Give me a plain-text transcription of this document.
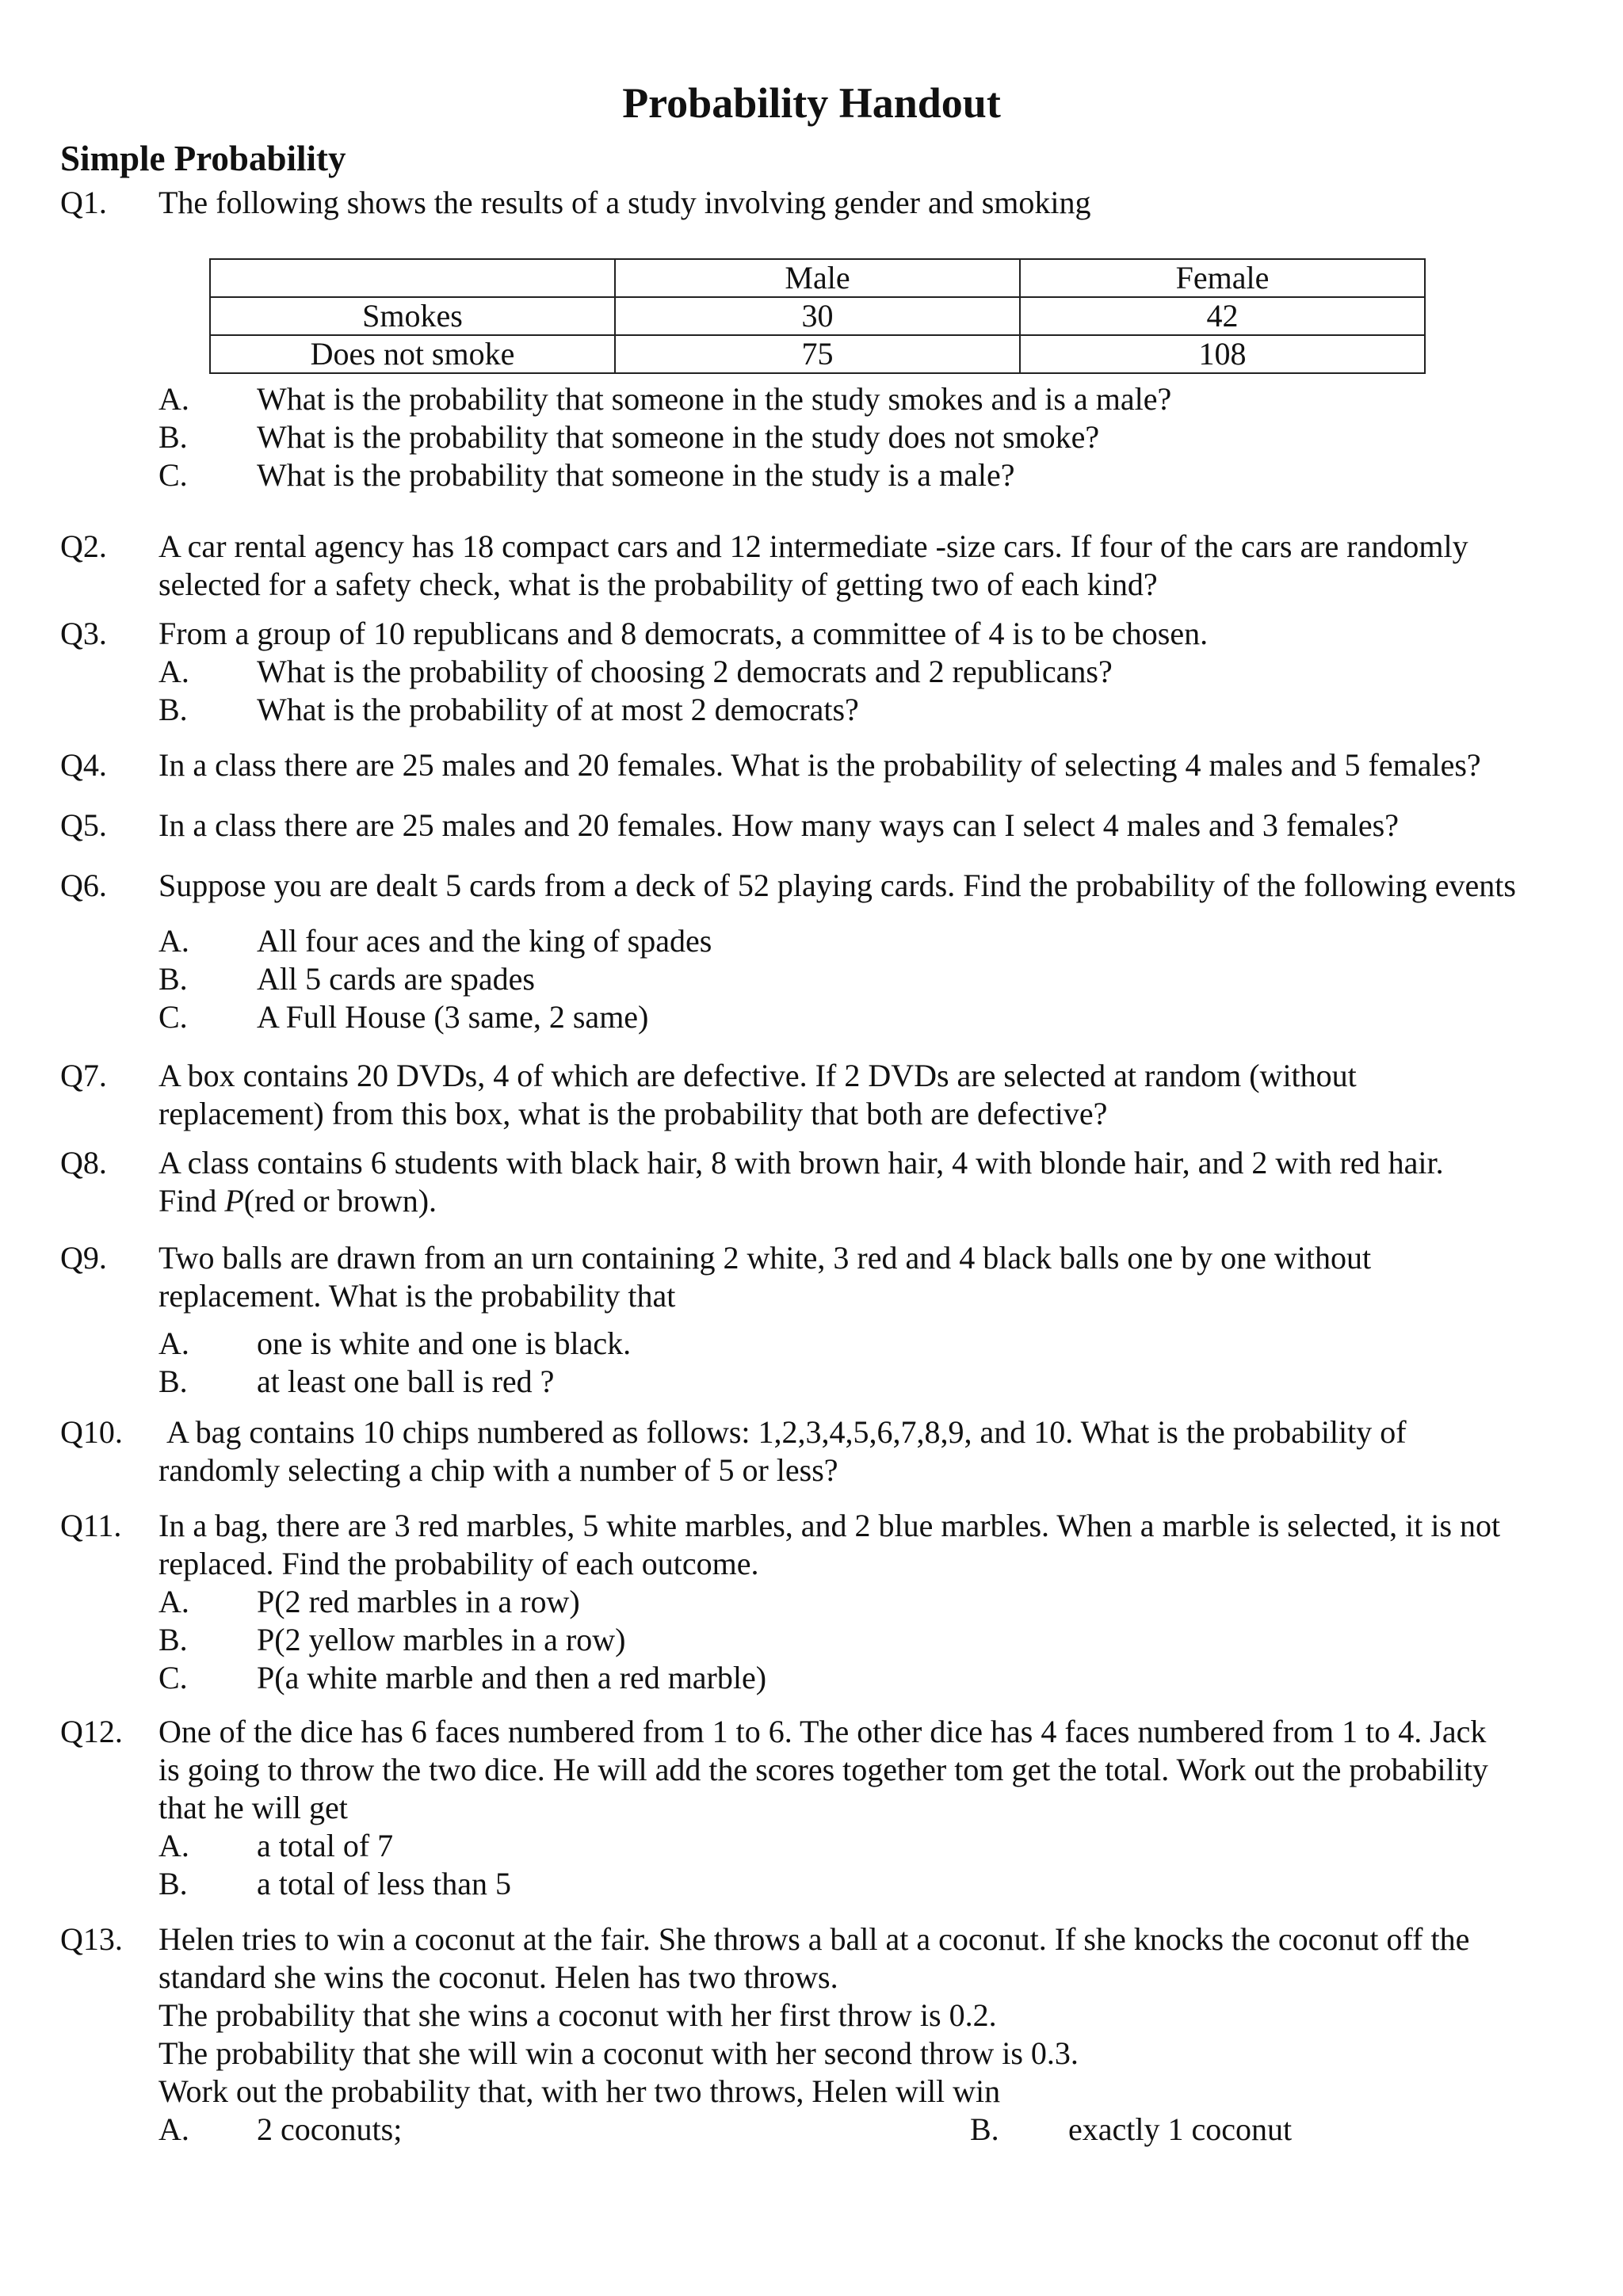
Probability Handout
Simple Probability
Q1.	The following shows the results of a study involving gender and smoking
	Male	Female
Smokes	30	42
Does not smoke	75	108
A. What is the probability that someone in the study smokes and is a male?
B. What is the probability that someone in the study does not smoke?
C. What is the probability that someone in the study is a male?
Q2.	A car rental agency has 18 compact cars and 12 intermediate -size cars. If four of the cars are randomly
selected for a safety check, what is the probability of getting two of each kind?
Q3.	From a group of 10 republicans and 8 democrats, a committee of 4 is to be chosen.
A. What is the probability of choosing 2 democrats and 2 republicans?
B. What is the probability of at most 2 democrats?
Q4.	In a class there are 25 males and 20 females. What is the probability of selecting 4 males and 5 females?
Q5.	In a class there are 25 males and 20 females. How many ways can I select 4 males and 3 females?
Q6.	Suppose you are dealt 5 cards from a deck of 52 playing cards. Find the probability of the following events
A. All four aces and the king of spades
B. All 5 cards are spades
C. A Full House (3 same, 2 same)
Q7.	A box contains 20 DVDs, 4 of which are defective. If 2 DVDs are selected at random (without
replacement) from this box, what is the probability that both are defective?
Q8.	A class contains 6 students with black hair, 8 with brown hair, 4 with blonde hair, and 2 with red hair.
Find P(red or brown).
Q9.	Two balls are drawn from an urn containing 2 white, 3 red and 4 black balls one by one without
replacement. What is the probability that
A. one is white and one is black.
B. at least one ball is red ?
Q10.	A bag contains 10 chips numbered as follows: 1,2,3,4,5,6,7,8,9, and 10. What is the probability of
randomly selecting a chip with a number of 5 or less?
Q11.	In a bag, there are 3 red marbles, 5 white marbles, and 2 blue marbles. When a marble is selected, it is not
replaced. Find the probability of each outcome.
A. P(2 red marbles in a row)
B. P(2 yellow marbles in a row)
C. P(a white marble and then a red marble)
Q12.	One of the dice has 6 faces numbered from 1 to 6. The other dice has 4 faces numbered from 1 to 4. Jack
is going to throw the two dice. He will add the scores together tom get the total. Work out the probability
that he will get
A. a total of 7
B. a total of less than 5
Q13.	Helen tries to win a coconut at the fair. She throws a ball at a coconut. If she knocks the coconut off the
standard she wins the coconut. Helen has two throws.
The probability that she wins a coconut with her first throw is 0.2.
The probability that she will win a coconut with her second throw is 0.3.
Work out the probability that, with her two throws, Helen will win
A. 2 coconuts;	B. exactly 1 coconut
